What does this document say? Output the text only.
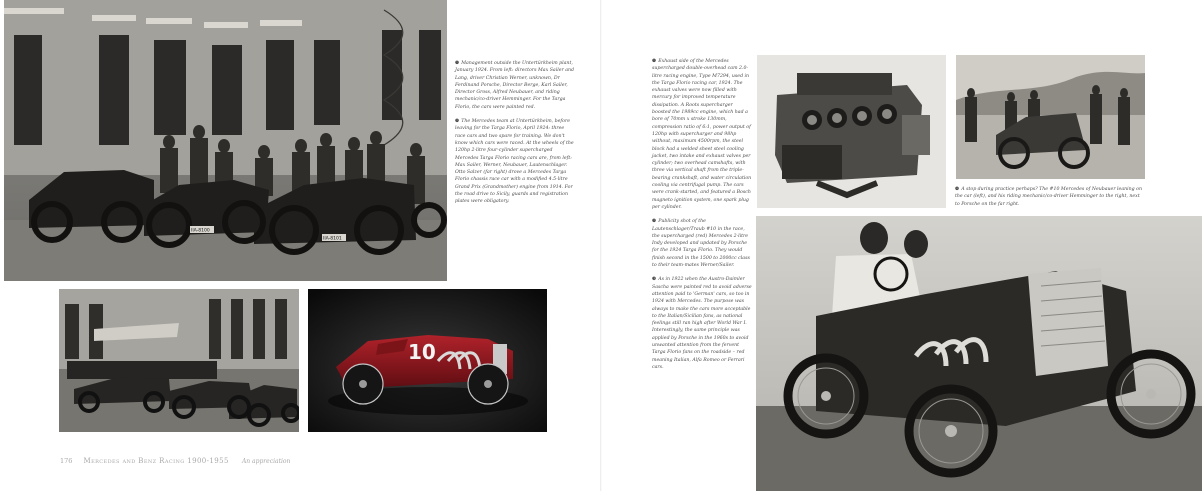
IIA-8100
IIA-8101

❶ Management outside the Untertürkheim plant, January 1924. From left: directors Max Sailer and Lang, driver Christian Werner, unknown, Dr Ferdinand Porsche, Director Berge, Karl Sailer, Director Gross, Alfred Neubauer, and riding mechanic/co-driver Hemminger. For the Targa Florio, the cars were painted red.

❷ The Mercedes team at Untertürkheim, before leaving for the Targa Florio, April 1924: three race cars and two spare for training. We don't know which cars were raced. At the wheels of the 120hp 2-litre four-cylinder supercharged Mercedes Targa Florio racing cars are, from left: Max Sailer, Werner, Neubauer, Lautenschlager. Otto Salzer (far right) drove a Mercedes Targa Florio chassis race car with a modified 4.5-litre Grand Prix (Grandmother) engine from 1914. For the road drive to Sicily, guards and registration plates were obligatory.

10
176 Mercedes and Benz Racing 1900-1955 An appreciation

❶ Exhaust side of the Mercedes supercharged double-overhead cam 2.0-litre racing engine, Type M7294, used in the Targa Florio racing car, 1924. The exhaust valves were now filled with mercury for improved temperature dissipation. A Roots supercharger boosted the 1989cc engine, which had a bore of 70mm x stroke 130mm, compression ratio of 6:1, power output of 120hp with supercharger and 98hp without, maximum 4500rpm, the steel block had a welded sheet steel cooling jacket, two intake and exhaust valves per cylinder; two overhead camshafts, with three via vertical shaft from the triple-bearing crankshaft, and water circulation cooling via centrifugal pump. The cars were crank-started, and featured a Bosch magneto ignition system, one spark plug per cylinder.

❷ Publicity shot of the Lautenschlager/Traub #10 in the race, the supercharged (red) Mercedes 2-litre Indy developed and updated by Porsche for the 1924 Targa Florio. They would finish second in the 1500 to 2000cc class to their team-mates Werner/Sailer.

❸ As in 1922 when the Austro-Daimler Sascha were painted red to avoid adverse attention paid to 'German' cars, so too in 1924 with Mercedes. The purpose was always to make the cars more acceptable to the Italian/Sicilian fans, as national feelings still ran high after World War I. Interestingly, the same principle was applied by Porsche in the 1960s to avoid unwanted attention from the fervent Targa Florio fans on the roadside – red meaning Italian, Alfa Romeo or Ferrari cars.

❹ A stop during practice perhaps? The #10 Mercedes of Neubauer leaning on the car (left), and his riding mechanic/co-driver Hemminger to the right, next to Porsche on the far right.
